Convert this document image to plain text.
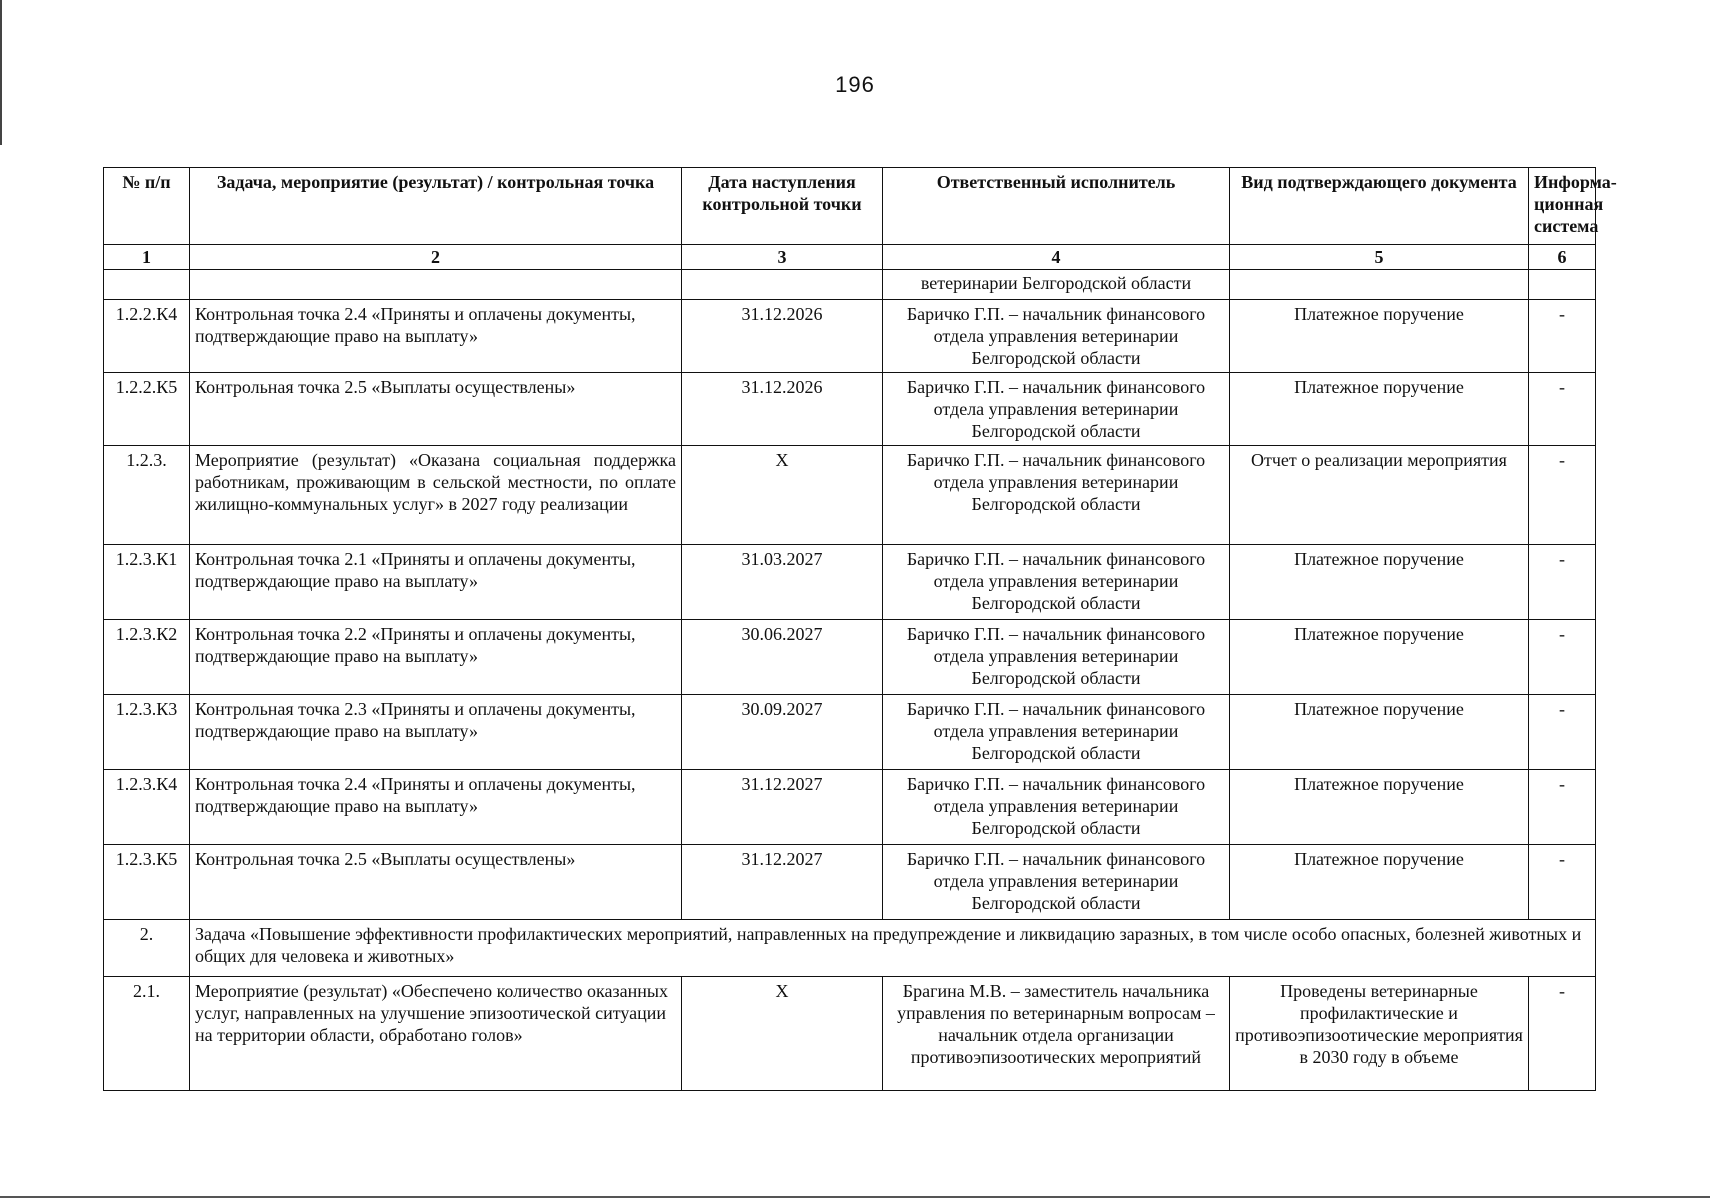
196
№ п/п	Задача, мероприятие (результат) / контрольная точка	Дата наступления контрольной точки	Ответственный исполнитель	Вид подтверждающего документа	Информа-ционная система
1	2	3	4	5	6
			ветеринарии Белгородской области		
1.2.2.К4	Контрольная точка 2.4 «Приняты и оплачены документы, подтверждающие право на выплату»	31.12.2026	Баричко Г.П. – начальник финансового отдела управления ветеринарии Белгородской области	Платежное поручение	-
1.2.2.К5	Контрольная точка 2.5 «Выплаты осуществлены»	31.12.2026	Баричко Г.П. – начальник финансового отдела управления ветеринарии Белгородской области	Платежное поручение	-
1.2.3.	Мероприятие (результат) «Оказана социальная поддержка работникам, проживающим в сельской местности, по оплате жилищно-коммунальных услуг» в 2027 году реализации	Х	Баричко Г.П. – начальник финансового отдела управления ветеринарии Белгородской области	Отчет о реализации мероприятия	-
1.2.3.К1	Контрольная точка 2.1 «Приняты и оплачены документы, подтверждающие право на выплату»	31.03.2027	Баричко Г.П. – начальник финансового отдела управления ветеринарии Белгородской области	Платежное поручение	-
1.2.3.К2	Контрольная точка 2.2 «Приняты и оплачены документы, подтверждающие право на выплату»	30.06.2027	Баричко Г.П. – начальник финансового отдела управления ветеринарии Белгородской области	Платежное поручение	-
1.2.3.К3	Контрольная точка 2.3 «Приняты и оплачены документы, подтверждающие право на выплату»	30.09.2027	Баричко Г.П. – начальник финансового отдела управления ветеринарии Белгородской области	Платежное поручение	-
1.2.3.К4	Контрольная точка 2.4 «Приняты и оплачены документы, подтверждающие право на выплату»	31.12.2027	Баричко Г.П. – начальник финансового отдела управления ветеринарии Белгородской области	Платежное поручение	-
1.2.3.К5	Контрольная точка 2.5 «Выплаты осуществлены»	31.12.2027	Баричко Г.П. – начальник финансового отдела управления ветеринарии Белгородской области	Платежное поручение	-
2.	Задача «Повышение эффективности профилактических мероприятий, направленных на предупреждение и ликвидацию заразных, в том числе особо опасных, болезней животных и общих для человека и животных»				
2.1.	Мероприятие (результат) «Обеспечено количество оказанных услуг, направленных на улучшение эпизоотической ситуации на территории области, обработано голов»	Х	Брагина М.В. – заместитель начальника управления по ветеринарным вопросам – начальник отдела организации противоэпизоотических мероприятий	Проведены ветеринарные профилактические и противоэпизоотические мероприятия в 2030 году в объеме	-
